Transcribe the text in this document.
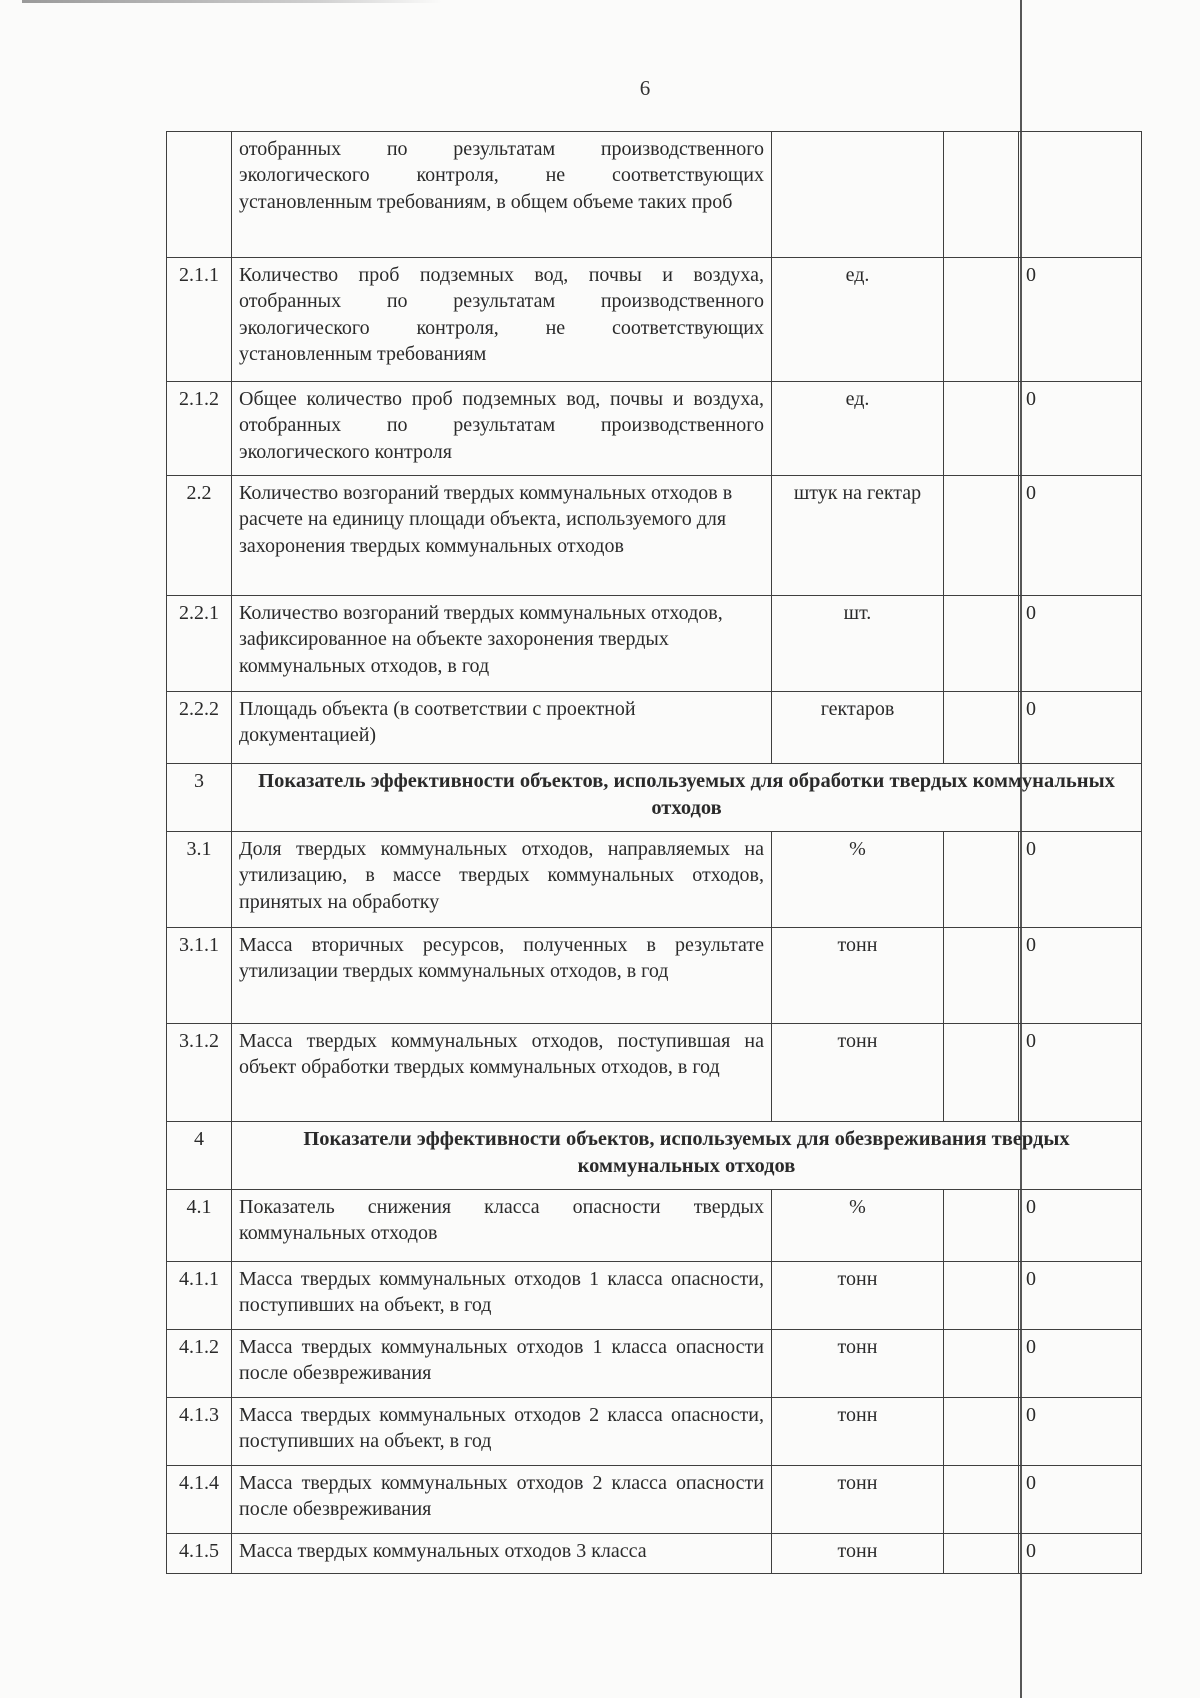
6
	отобранных по результатам производственного экологического контроля, не соответствующих установленным требованиям, в общем объеме таких проб			
2.1.1	Количество проб подземных вод, почвы и воздуха, отобранных по результатам производственного экологического контроля, не соответствующих установленным требованиям	ед.		0
2.1.2	Общее количество проб подземных вод, почвы и воздуха, отобранных по результатам производственного экологического контроля	ед.		0
2.2	Количество возгораний твердых коммунальных отходов в расчете на единицу площади объекта, используемого для захоронения твердых коммунальных отходов	штук на гектар		0
2.2.1	Количество возгораний твердых коммунальных отходов, зафиксированное на объекте захоронения твердых коммунальных отходов, в год	шт.		0
2.2.2	Площадь объекта (в соответствии с проектной документацией)	гектаров		0
3	Показатель эффективности объектов, используемых для обработки твердых коммунальных отходов			
3.1	Доля твердых коммунальных отходов, направляемых на утилизацию, в массе твердых коммунальных отходов, принятых на обработку	%		0
3.1.1	Масса вторичных ресурсов, полученных в результате утилизации твердых коммунальных отходов, в год	тонн		0
3.1.2	Масса твердых коммунальных отходов, поступившая на объект обработки твердых коммунальных отходов, в год	тонн		0
4	Показатели эффективности объектов, используемых для обезвреживания твердых коммунальных отходов			
4.1	Показатель снижения класса опасности твердых коммунальных отходов	%		0
4.1.1	Масса твердых коммунальных отходов 1 класса опасности, поступивших на объект, в год	тонн		0
4.1.2	Масса твердых коммунальных отходов 1 класса опасности после обезвреживания	тонн		0
4.1.3	Масса твердых коммунальных отходов 2 класса опасности, поступивших на объект, в год	тонн		0
4.1.4	Масса твердых коммунальных отходов 2 класса опасности после обезвреживания	тонн		0
4.1.5	Масса твердых коммунальных отходов 3 класса	тонн		0
